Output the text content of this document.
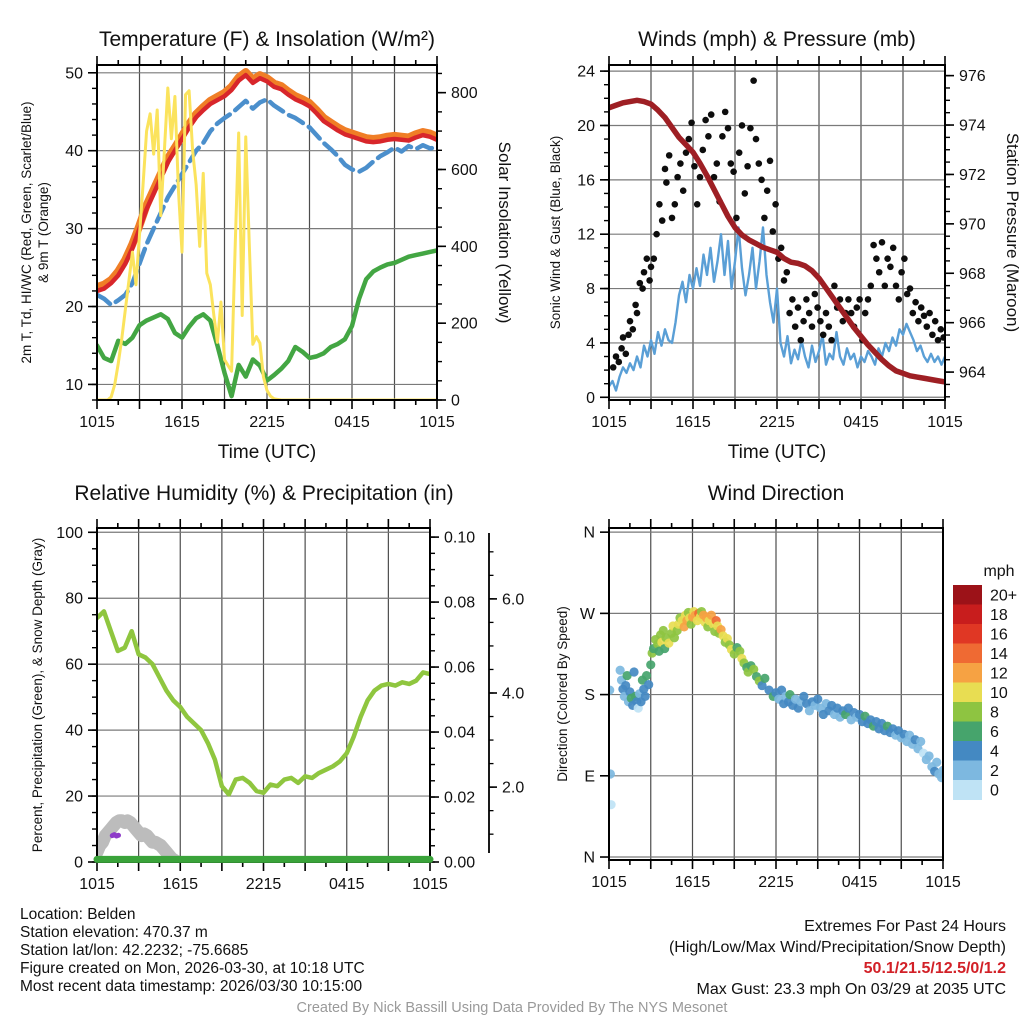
Temperature (F) & Insolation (W/m²)	Winds (mph) & Pressure (mb)
Relative Humidity (%) & Precipitation (in)	Wind Direction
1015	1615	2215	0415	1015
Time (UTC)
10
20
30
40
50
0
200
400
600
800
2m T, Td, HI/WC (Red, Green, Scarlet/Blue) & 9m T (Orange)	Solar Insolation (Yellow)
1015	1615	2215	0415	1015
Time (UTC)
0
4
8
12
16
20
24
964
966
968
970
972
974
976
Sonic Wind & Gust (Blue, Black)	Station Pressure (Maroon)
1015	1615	2215	0415	1015
0
20
40
60
80
100
0.00
0.02
0.04
0.06
0.08
0.10
Percent, Precipitation (Green), & Snow Depth (Gray)	2.0
4.0
6.0
1015	1615	2215	0415	1015
N
W
S
E
N
Direction (Colored By Speed)
mph
20+
18
16
14
12
10
8
6
4
2
0
Location: Belden
Station elevation: 470.37 m
Station lat/lon: 42.2232; -75.6685
Figure created on Mon, 2026-03-30, at 10:18 UTC
Most recent data timestamp: 2026/03/30 10:15:00
Extremes For Past 24 Hours
(High/Low/Max Wind/Precipitation/Snow Depth)
50.1/21.5/12.5/0/1.2
Max Gust: 23.3 mph On 03/29 at 2035 UTC
Created By Nick Bassill Using Data Provided By The NYS Mesonet
